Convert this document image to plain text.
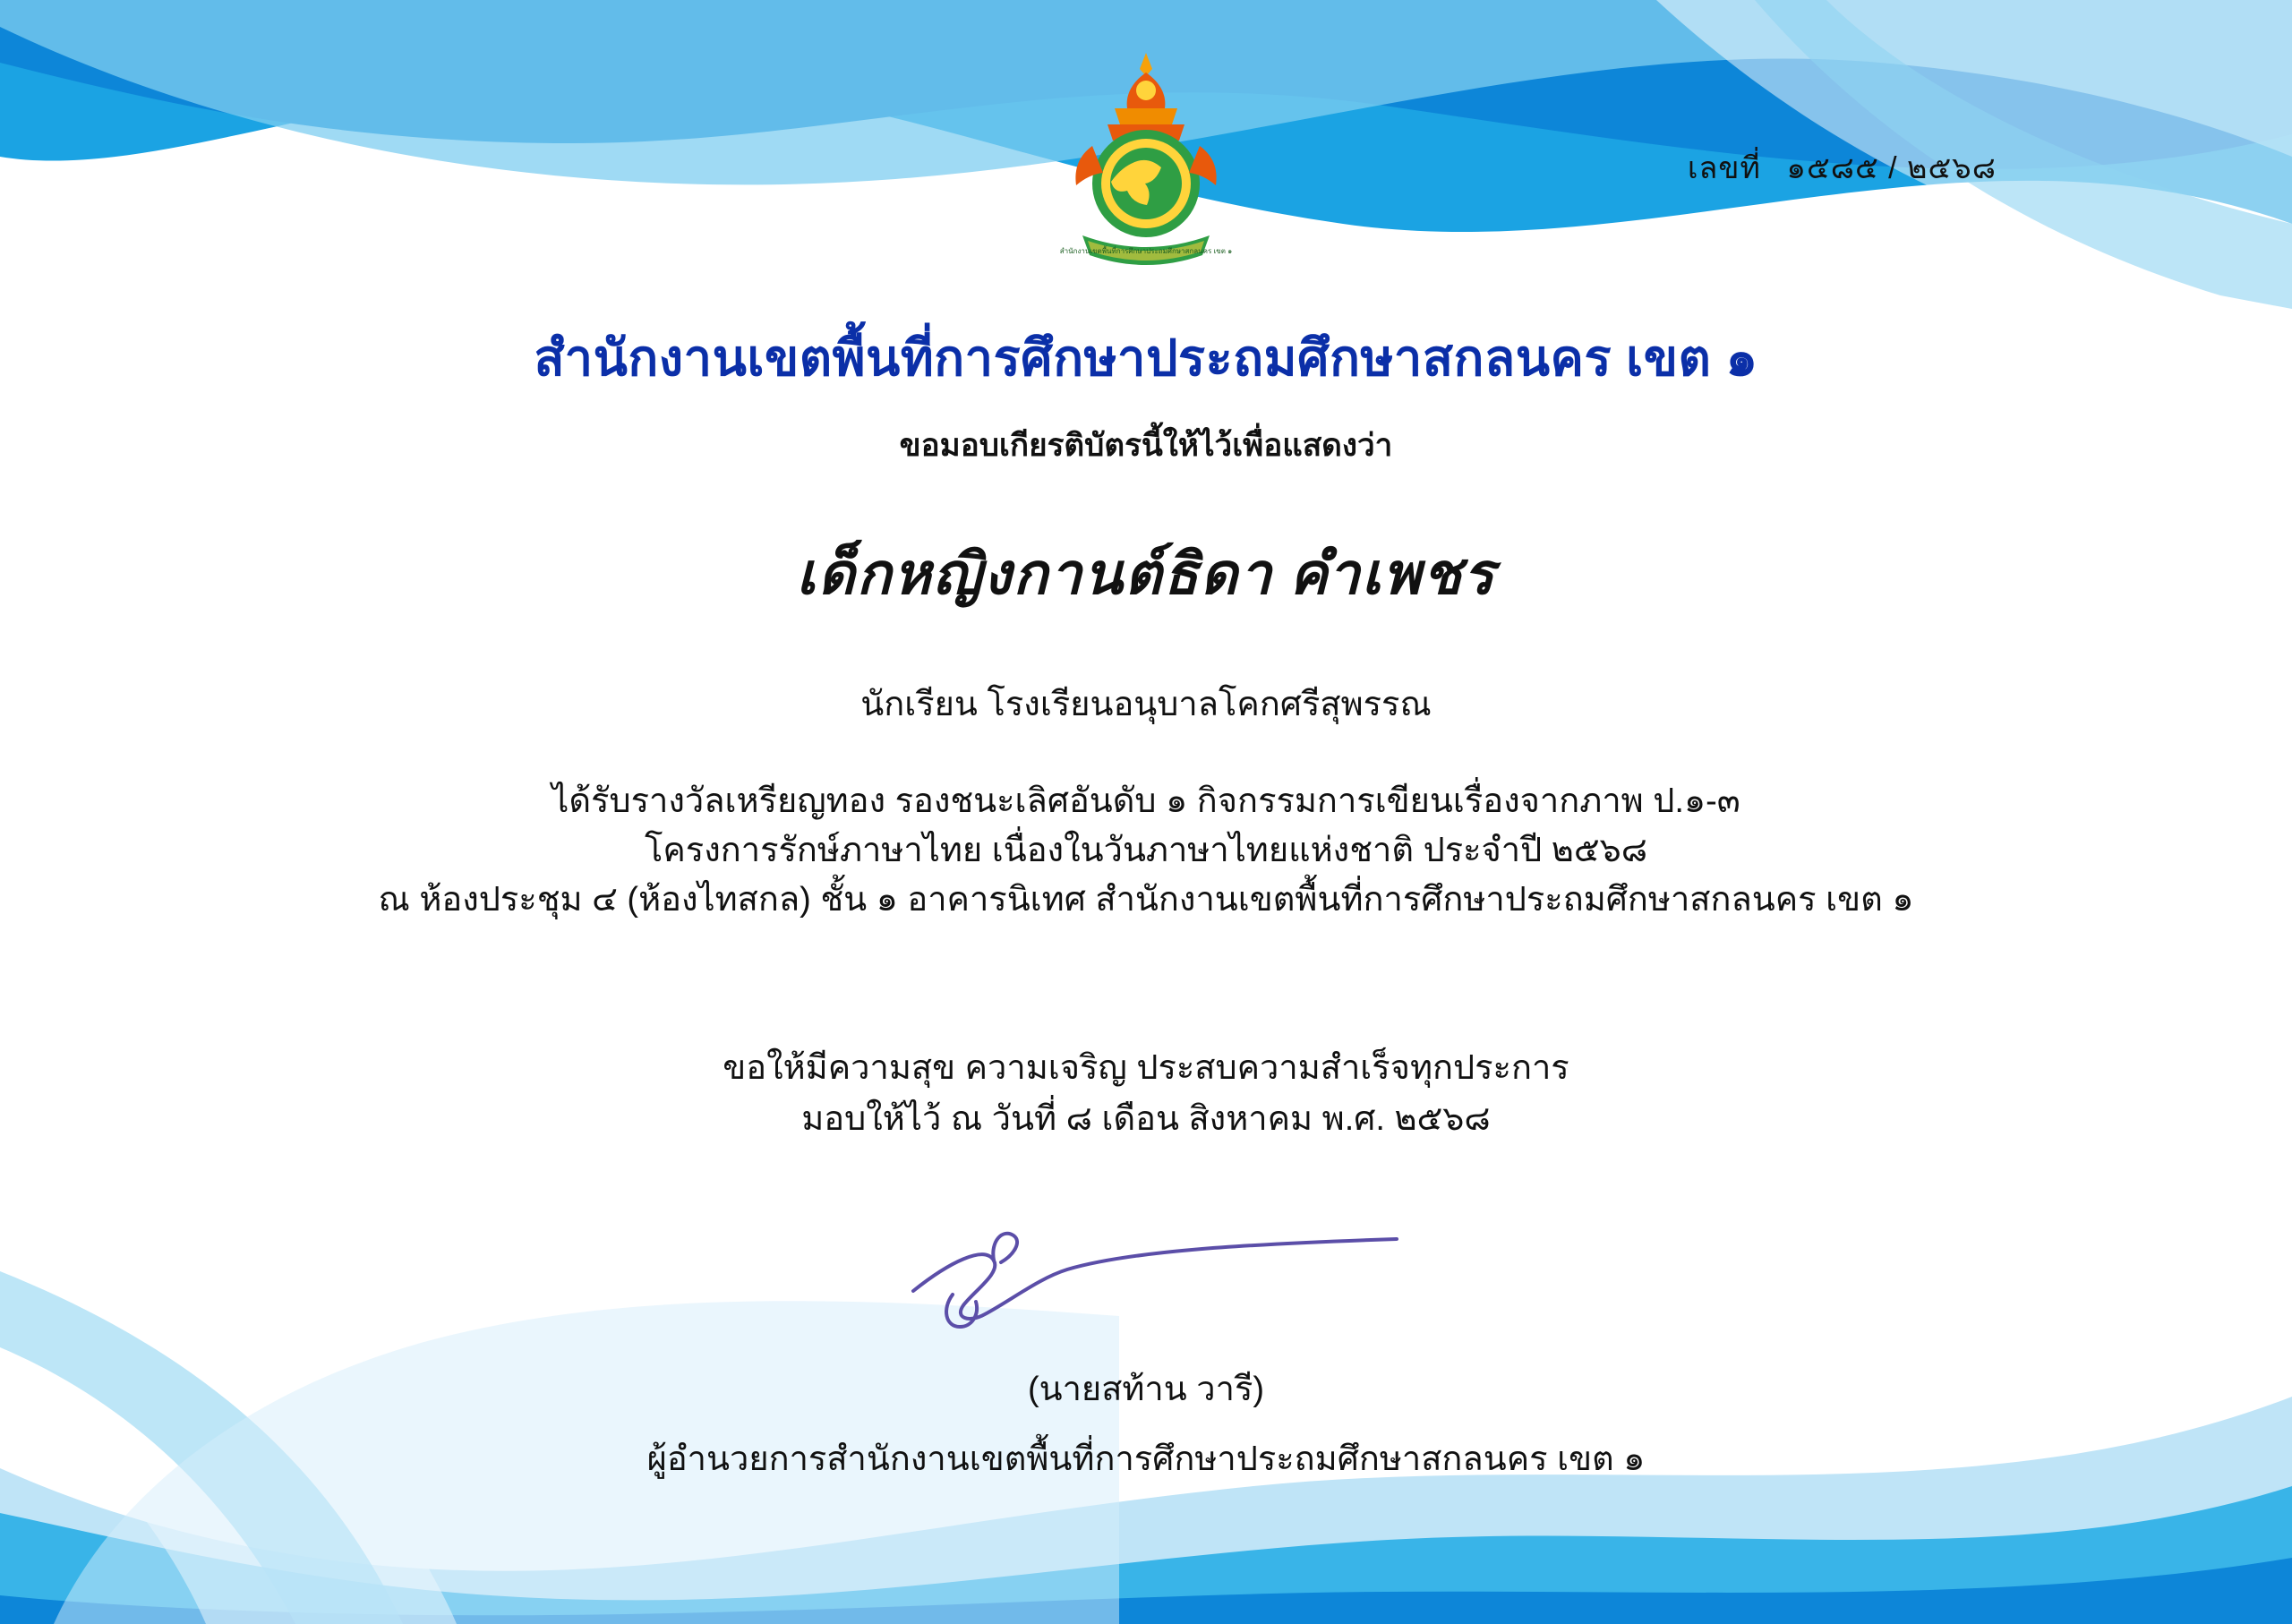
เลขที่ ๑๕๘๕ / ๒๕๖๘
สำนักงานเขตพื้นที่การศึกษาประถมศึกษาสกลนคร เขต ๑
สำนักงานเขตพื้นที่การศึกษาประถมศึกษาสกลนคร เขต ๑
ขอมอบเกียรติบัตรนี้ให้ไว้เพื่อแสดงว่า
เด็กหญิงกานต์ธิดา คำเพชร
นักเรียน โรงเรียนอนุบาลโคกศรีสุพรรณ
ได้รับรางวัลเหรียญทอง รองชนะเลิศอันดับ ๑ กิจกรรมการเขียนเรื่องจากภาพ ป.๑-๓
โครงการรักษ์ภาษาไทย เนื่องในวันภาษาไทยแห่งชาติ ประจำปี ๒๕๖๘
ณ ห้องประชุม ๔ (ห้องไทสกล) ชั้น ๑ อาคารนิเทศ สำนักงานเขตพื้นที่การศึกษาประถมศึกษาสกลนคร เขต ๑
ขอให้มีความสุข ความเจริญ ประสบความสำเร็จทุกประการ
มอบให้ไว้ ณ วันที่ ๘ เดือน สิงหาคม พ.ศ. ๒๕๖๘
(นายสท้าน วารี)
ผู้อำนวยการสำนักงานเขตพื้นที่การศึกษาประถมศึกษาสกลนคร เขต ๑
